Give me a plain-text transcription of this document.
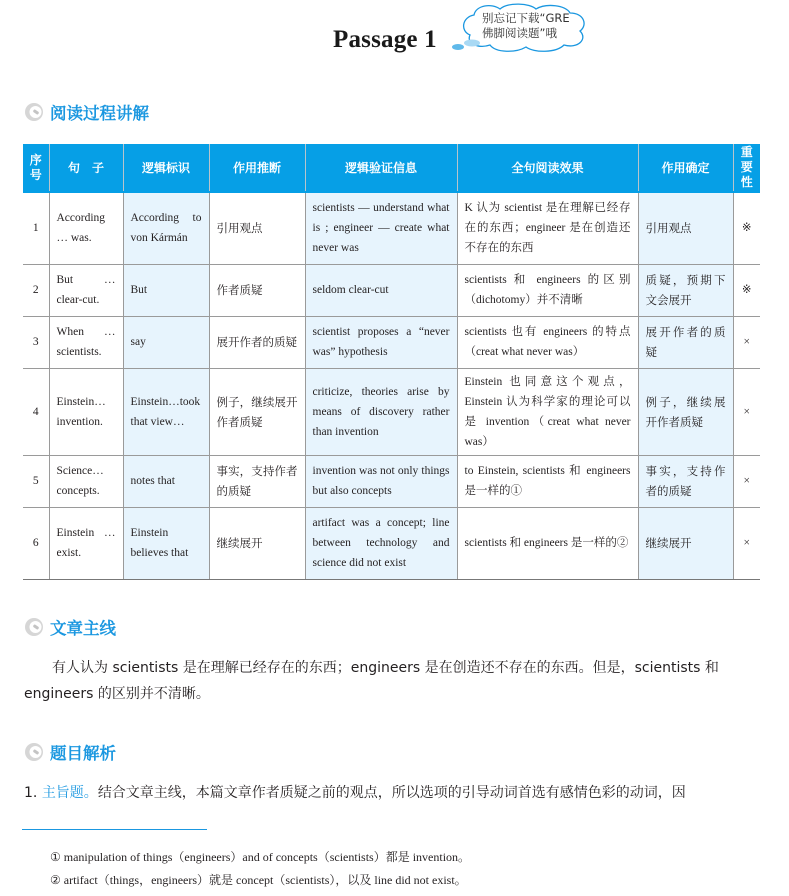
Passage 1
别忘记下载“GRE
佛脚阅读题”哦
阅读过程讲解
序
号	句　子	逻辑标识	作用推断	逻辑验证信息	全句阅读效果	作用确定	重
要
性
1	According … was.	According to von Kármán	引用观点	scientists — understand what is ; engineer — create what never was	K 认为 scientist 是在理解已经存在的东西；engineer 是在创造还不存在的东西	引用观点	※
2	But … clear-cut.	But	作者质疑	seldom clear-cut	scientists 和 engineers 的区别（dichotomy）并不清晰	质疑，预期下文会展开	※
3	When … scientists.	say	展开作者的质疑	scientist proposes a “never was” hypothesis	scientists 也有 engineers 的特点（creat what never was）	展开作者的质疑	×
4	Einstein… invention.	Einstein…took that view…	例子，继续展开作者质疑	criticize, theories arise by means of discovery rather than invention	Einstein 也同意这个观点，Einstein 认为科学家的理论可以是 invention（creat what never was）	例子，继续展开作者质疑	×
5	Science… concepts.	notes that	事实，支持作者的质疑	invention was not only things but also concepts	to Einstein, scientists 和 engineers 是一样的①	事实，支持作者的质疑	×
6	Einstein … exist.	Einstein believes that	继续展开	artifact was a concept; line between technology and science did not exist	scientists 和 engineers 是一样的②	继续展开	×
文章主线
有人认为 scientists 是在理解已经存在的东西；engineers 是在创造还不存在的东西。但是，scientists 和 engineers 的区别并不清晰。
题目解析
1. 主旨题。结合文章主线，本篇文章作者质疑之前的观点，所以选项的引导动词首选有感情色彩的动词，因
① manipulation of things（engineers）and of concepts（scientists）都是 invention。
② artifact（things，engineers）就是 concept（scientists），以及 line did not exist。
